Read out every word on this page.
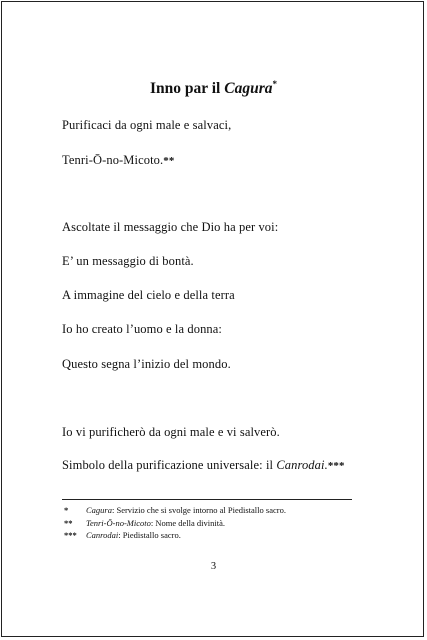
Inno par il Cagura*
Purificaci da ogni male e salvaci,
Tenri-Ō-no-Micoto.**
Ascoltate il messaggio che Dio ha per voi:
E’ un messaggio di bontà.
A immagine del cielo e della terra
Io ho creato l’uomo e la donna:
Questo segna l’inizio del mondo.
Io vi purificherò da ogni male e vi salverò.
Simbolo della purificazione universale: il Canrodai.***
* Cagura: Servizio che si svolge intorno al Piedistallo sacro.
** Tenri-Ō-no-Micoto: Nome della divinità.
*** Canrodai: Piedistallo sacro.
3
